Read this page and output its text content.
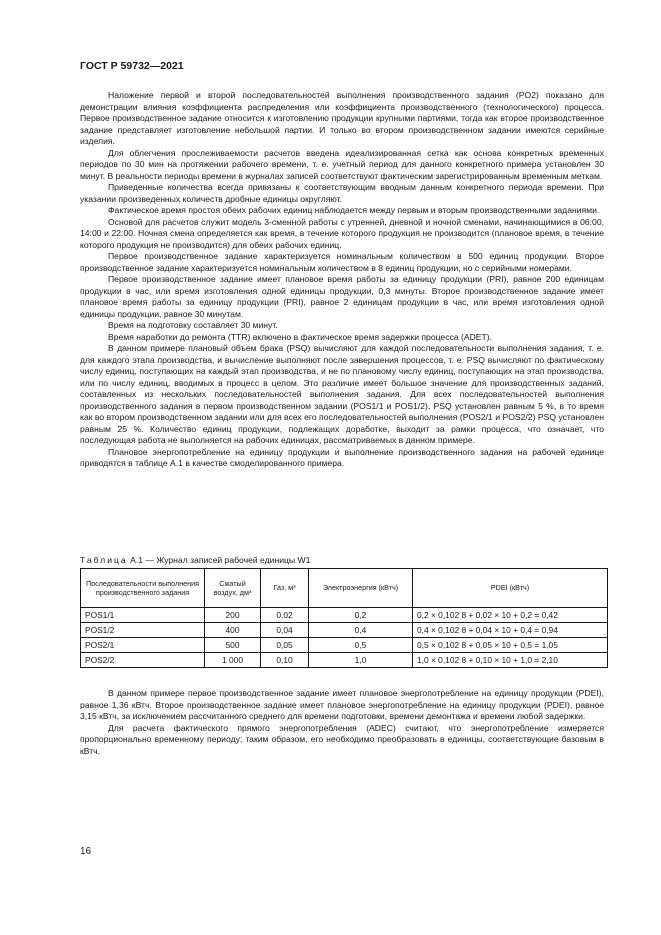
ГОСТ Р 59732—2021

Наложение первой и второй последовательностей выполнения производственного задания (PO2) показано для демонстрации влияния коэффициента распределения или коэффициента производственного (технологического) процесса. Первое производственное задание относится к изготовлению продукции крупными партиями, тогда как второе производственное задание представляет изготовление небольшой партии. И только во втором производственном задании имеются серийные изделия.

Для облегчения прослеживаемости расчетов введена идеализированная сетка как основа конкретных временных периодов по 30 мин на протяжении рабочего времени, т. е. учетный период для данного конкретного примера установлен 30 минут. В реальности периоды времени в журналах записей соответствуют фактическим зарегистрированным временным меткам.

Приведенные количества всегда привязаны к соответствующим вводным данным конкретного периода времени. При указании произведенных количеств дробные единицы округляют.

Фактическое время простоя обеих рабочих единиц наблюдается между первым и вторым производственными заданиями.

Основой для расчетов служит модель 3-сменной работы с утренней, дневной и ночной сменами, начинающимися в 06:00, 14:00 и 22:00. Ночная смена определяется как время, в течение которого продукция не производится (плановое время, в течение которого продукция не производится) для обеих рабочих единиц.

Первое производственное задание характеризуется номинальным количеством в 500 единиц продукции. Второе производственное задание характеризуется номинальным количеством в 8 единиц продукции, но с серийными номерами.

Первое производственное задание имеет плановое время работы за единицу продукции (PRI), равное 200 единицам продукции в час, или время изготовления одной единицы продукции, 0,3 минуты. Второе производственное задание имеет плановое время работы за единицу продукции (PRI), равное 2 единицам продукции в час, или время изготовления одной единицы продукции, равное 30 минутам.

Время на подготовку составляет 30 минут.

Время наработки до ремонта (TTR) включено в фактическое время задержки процесса (ADET).

В данном примере плановый объем брака (PSQ) вычисляют для каждой последовательности выполнения задания, т. е. для каждого этапа производства, и вычисление выполняют после завершения процессов, т. е. PSQ вычисляют по фактическому числу единиц, поступающих на каждый этап производства, и не по плановому числу единиц, поступающих на этап производства, или по числу единиц, вводимых в процесс в целом. Это различие имеет большое значение для производственных заданий, составленных из нескольких последовательностей выполнения задания. Для всех последовательностей выполнения производственного задания в первом производственном задании (POS1/1 и POS1/2), PSQ установлен равным 5 %, в то время как во втором производственном задании или для всех его последовательностей выполнения (POS2/1 и POS2/2) PSQ установлен равным 25 %. Количество единиц продукции, подлежащих доработке, выходит за рамки процесса, что означает, что последующая работа не выполняется на рабочих единицах, рассматриваемых в данном примере.

Плановое энергопотребление на единицу продукции и выполнение производственного задания на рабочей единице приводятся в таблице А.1 в качестве смоделированного примера.

Таблица А.1 — Журнал записей рабочей единицы W1
Последовательности выполнения производственного задания	Сжатый воздух, дм³	Газ, м³	Электроэнергия (кВтч)	PDEI (кВтч)
POS1/1	200	0,02	0,2	0,2 × 0,102 8 + 0,02 × 10 + 0,2 = 0,42
POS1/2	400	0,04	0,4	0,4 × 0,102 8 + 0,04 × 10 + 0,4 = 0,94
POS2/1	500	0,05	0,5	0,5 × 0,102 8 + 0,05 × 10 + 0,5 = 1,05
POS2/2	1 000	0,10	1,0	1,0 × 0,102 8 + 0,10 × 10 + 1,0 = 2,10

В данном примере первое производственное задание имеет плановое энергопотребление на единицу продукции (PDEI), равное 1,36 кВтч. Второе производственное задание имеет плановое энергопотребление на единицу продукции (PDEI), равное 3,15 кВтч, за исключением рассчитанного среднего для времени подготовки, времени демонтажа и времени любой задержки.

Для расчета фактического прямого энергопотребления (ADEC) считают, что энергопотребление измеряется пропорционально временному периоду; таким образом, его необходимо преобразовать в единицы, соответствующие базовым в кВтч.

16
